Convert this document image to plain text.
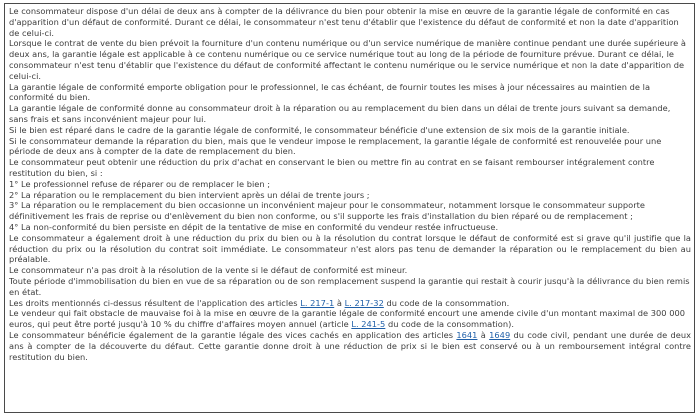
Le consommateur dispose d'un délai de deux ans à compter de la délivrance du bien pour obtenir la mise en œuvre de la garantie légale de conformité en cas d'apparition d'un défaut de conformité. Durant ce délai, le consommateur n'est tenu d'établir que l'existence du défaut de conformité et non la date d'apparition de celui-ci.

Lorsque le contrat de vente du bien prévoit la fourniture d'un contenu numérique ou d'un service numérique de manière continue pendant une durée supérieure à deux ans, la garantie légale est applicable à ce contenu numérique ou ce service numérique tout au long de la période de fourniture prévue. Durant ce délai, le consommateur n'est tenu d'établir que l'existence du défaut de conformité affectant le contenu numérique ou le service numérique et non la date d'apparition de celui-ci.

La garantie légale de conformité emporte obligation pour le professionnel, le cas échéant, de fournir toutes les mises à jour nécessaires au maintien de la conformité du bien.

La garantie légale de conformité donne au consommateur droit à la réparation ou au remplacement du bien dans un délai de trente jours suivant sa demande, sans frais et sans inconvénient majeur pour lui.

Si le bien est réparé dans le cadre de la garantie légale de conformité, le consommateur bénéficie d'une extension de six mois de la garantie initiale.

Si le consommateur demande la réparation du bien, mais que le vendeur impose le remplacement, la garantie légale de conformité est renouvelée pour une période de deux ans à compter de la date de remplacement du bien.

Le consommateur peut obtenir une réduction du prix d'achat en conservant le bien ou mettre fin au contrat en se faisant rembourser intégralement contre restitution du bien, si :

1° Le professionnel refuse de réparer ou de remplacer le bien ;

2° La réparation ou le remplacement du bien intervient après un délai de trente jours ;

3° La réparation ou le remplacement du bien occasionne un inconvénient majeur pour le consommateur, notamment lorsque le consommateur supporte définitivement les frais de reprise ou d'enlèvement du bien non conforme, ou s'il supporte les frais d'installation du bien réparé ou de remplacement ;

4° La non-conformité du bien persiste en dépit de la tentative de mise en conformité du vendeur restée infructueuse.

Le consommateur a également droit à une réduction du prix du bien ou à la résolution du contrat lorsque le défaut de conformité est si grave qu'il justifie que la réduction du prix ou la résolution du contrat soit immédiate. Le consommateur n'est alors pas tenu de demander la réparation ou le remplacement du bien au préalable.

Le consommateur n'a pas droit à la résolution de la vente si le défaut de conformité est mineur.

Toute période d'immobilisation du bien en vue de sa réparation ou de son remplacement suspend la garantie qui restait à courir jusqu'à la délivrance du bien remis en état.

Les droits mentionnés ci-dessus résultent de l'application des articles L. 217-1 à L. 217-32 du code de la consommation.

Le vendeur qui fait obstacle de mauvaise foi à la mise en œuvre de la garantie légale de conformité encourt une amende civile d'un montant maximal de 300 000 euros, qui peut être porté jusqu'à 10 % du chiffre d'affaires moyen annuel (article L. 241-5 du code de la consommation).

Le consommateur bénéficie également de la garantie légale des vices cachés en application des articles 1641 à 1649 du code civil, pendant une durée de deux ans à compter de la découverte du défaut. Cette garantie donne droit à une réduction de prix si le bien est conservé ou à un remboursement intégral contre restitution du bien.
